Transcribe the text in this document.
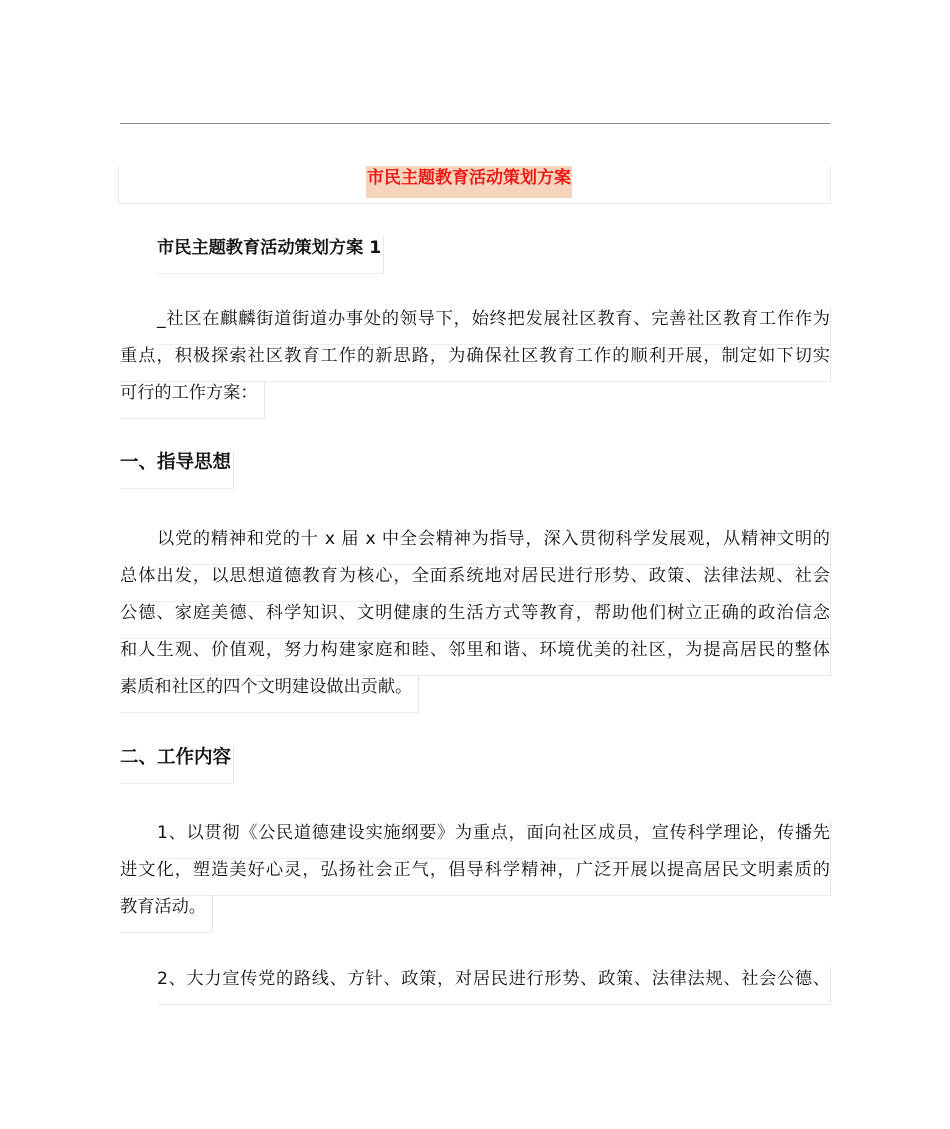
市民主题教育活动策划方案
市民主题教育活动策划方案 1
_社区在麒麟街道街道办事处的领导下，始终把发展社区教育、完善社区教育工作作为
重点，积极探索社区教育工作的新思路，为确保社区教育工作的顺利开展，制定如下切实
可行的工作方案：
一、指导思想
以党的精神和党的十 x 届 x 中全会精神为指导，深入贯彻科学发展观，从精神文明的
总体出发，以思想道德教育为核心，全面系统地对居民进行形势、政策、法律法规、社会
公德、家庭美德、科学知识、文明健康的生活方式等教育，帮助他们树立正确的政治信念
和人生观、价值观，努力构建家庭和睦、邻里和谐、环境优美的社区，为提高居民的整体
素质和社区的四个文明建设做出贡献。
二、工作内容
1、以贯彻《公民道德建设实施纲要》为重点，面向社区成员，宣传科学理论，传播先
进文化，塑造美好心灵，弘扬社会正气，倡导科学精神，广泛开展以提高居民文明素质的
教育活动。
2、大力宣传党的路线、方针、政策，对居民进行形势、政策、法律法规、社会公德、
